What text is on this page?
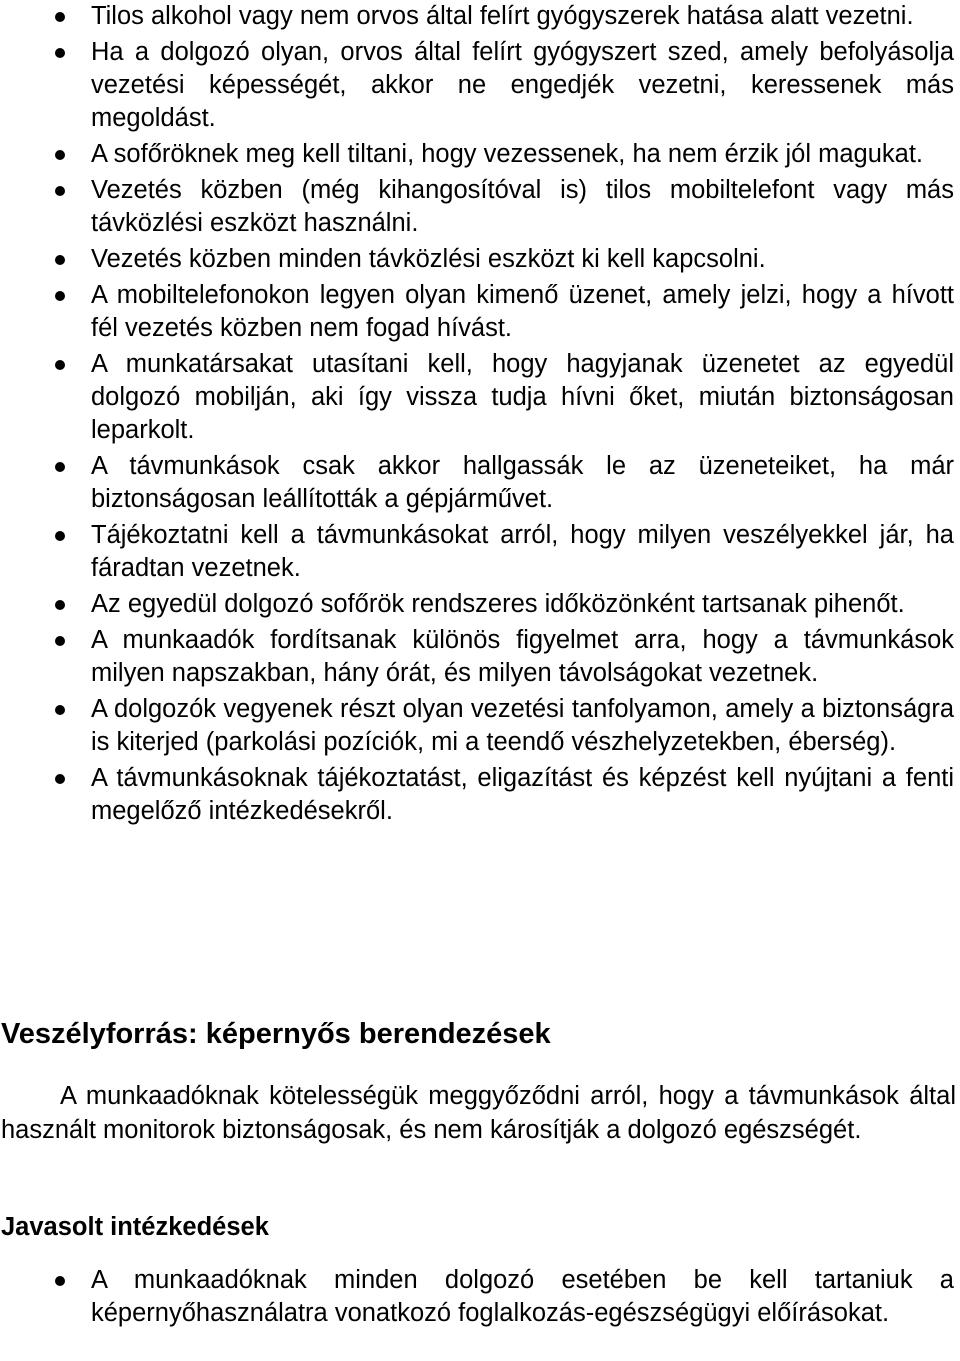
Tilos alkohol vagy nem orvos által felírt gyógyszerek hatása alatt vezetni.
Ha a dolgozó olyan, orvos által felírt gyógyszert szed, amely befolyásolja vezetési képességét, akkor ne engedjék vezetni, keressenek más megoldást.
A sofőröknek meg kell tiltani, hogy vezessenek, ha nem érzik jól magukat.
Vezetés közben (még kihangosítóval is) tilos mobiltelefont vagy más távközlési eszközt használni.
Vezetés közben minden távközlési eszközt ki kell kapcsolni.
A mobiltelefonokon legyen olyan kimenő üzenet, amely jelzi, hogy a hívott fél vezetés közben nem fogad hívást.
A munkatársakat utasítani kell, hogy hagyjanak üzenetet az egyedül dolgozó mobilján, aki így vissza tudja hívni őket, miután biztonságosan leparkolt.
A távmunkások csak akkor hallgassák le az üzeneteiket, ha már biztonságosan leállították a gépjárművet.
Tájékoztatni kell a távmunkásokat arról, hogy milyen veszélyekkel jár, ha fáradtan vezetnek.
Az egyedül dolgozó sofőrök rendszeres időközönként tartsanak pihenőt.
A munkaadók fordítsanak különös figyelmet arra, hogy a távmunkások milyen napszakban, hány órát, és milyen távolságokat vezetnek.
A dolgozók vegyenek részt olyan vezetési tanfolyamon, amely a biztonságra is kiterjed (parkolási pozíciók, mi a teendő vészhelyzetekben, éberség).
A távmunkásoknak tájékoztatást, eligazítást és képzést kell nyújtani a fenti megelőző intézkedésekről.
Veszélyforrás: képernyős berendezések

A munkaadóknak kötelességük meggyőződni arról, hogy a távmunkások által használt monitorok biztonságosak, és nem károsítják a dolgozó egészségét.

Javasolt intézkedések
A munkaadóknak minden dolgozó esetében be kell tartaniuk a képernyőhasználatra vonatkozó foglalkozás-egészségügyi előírásokat.
